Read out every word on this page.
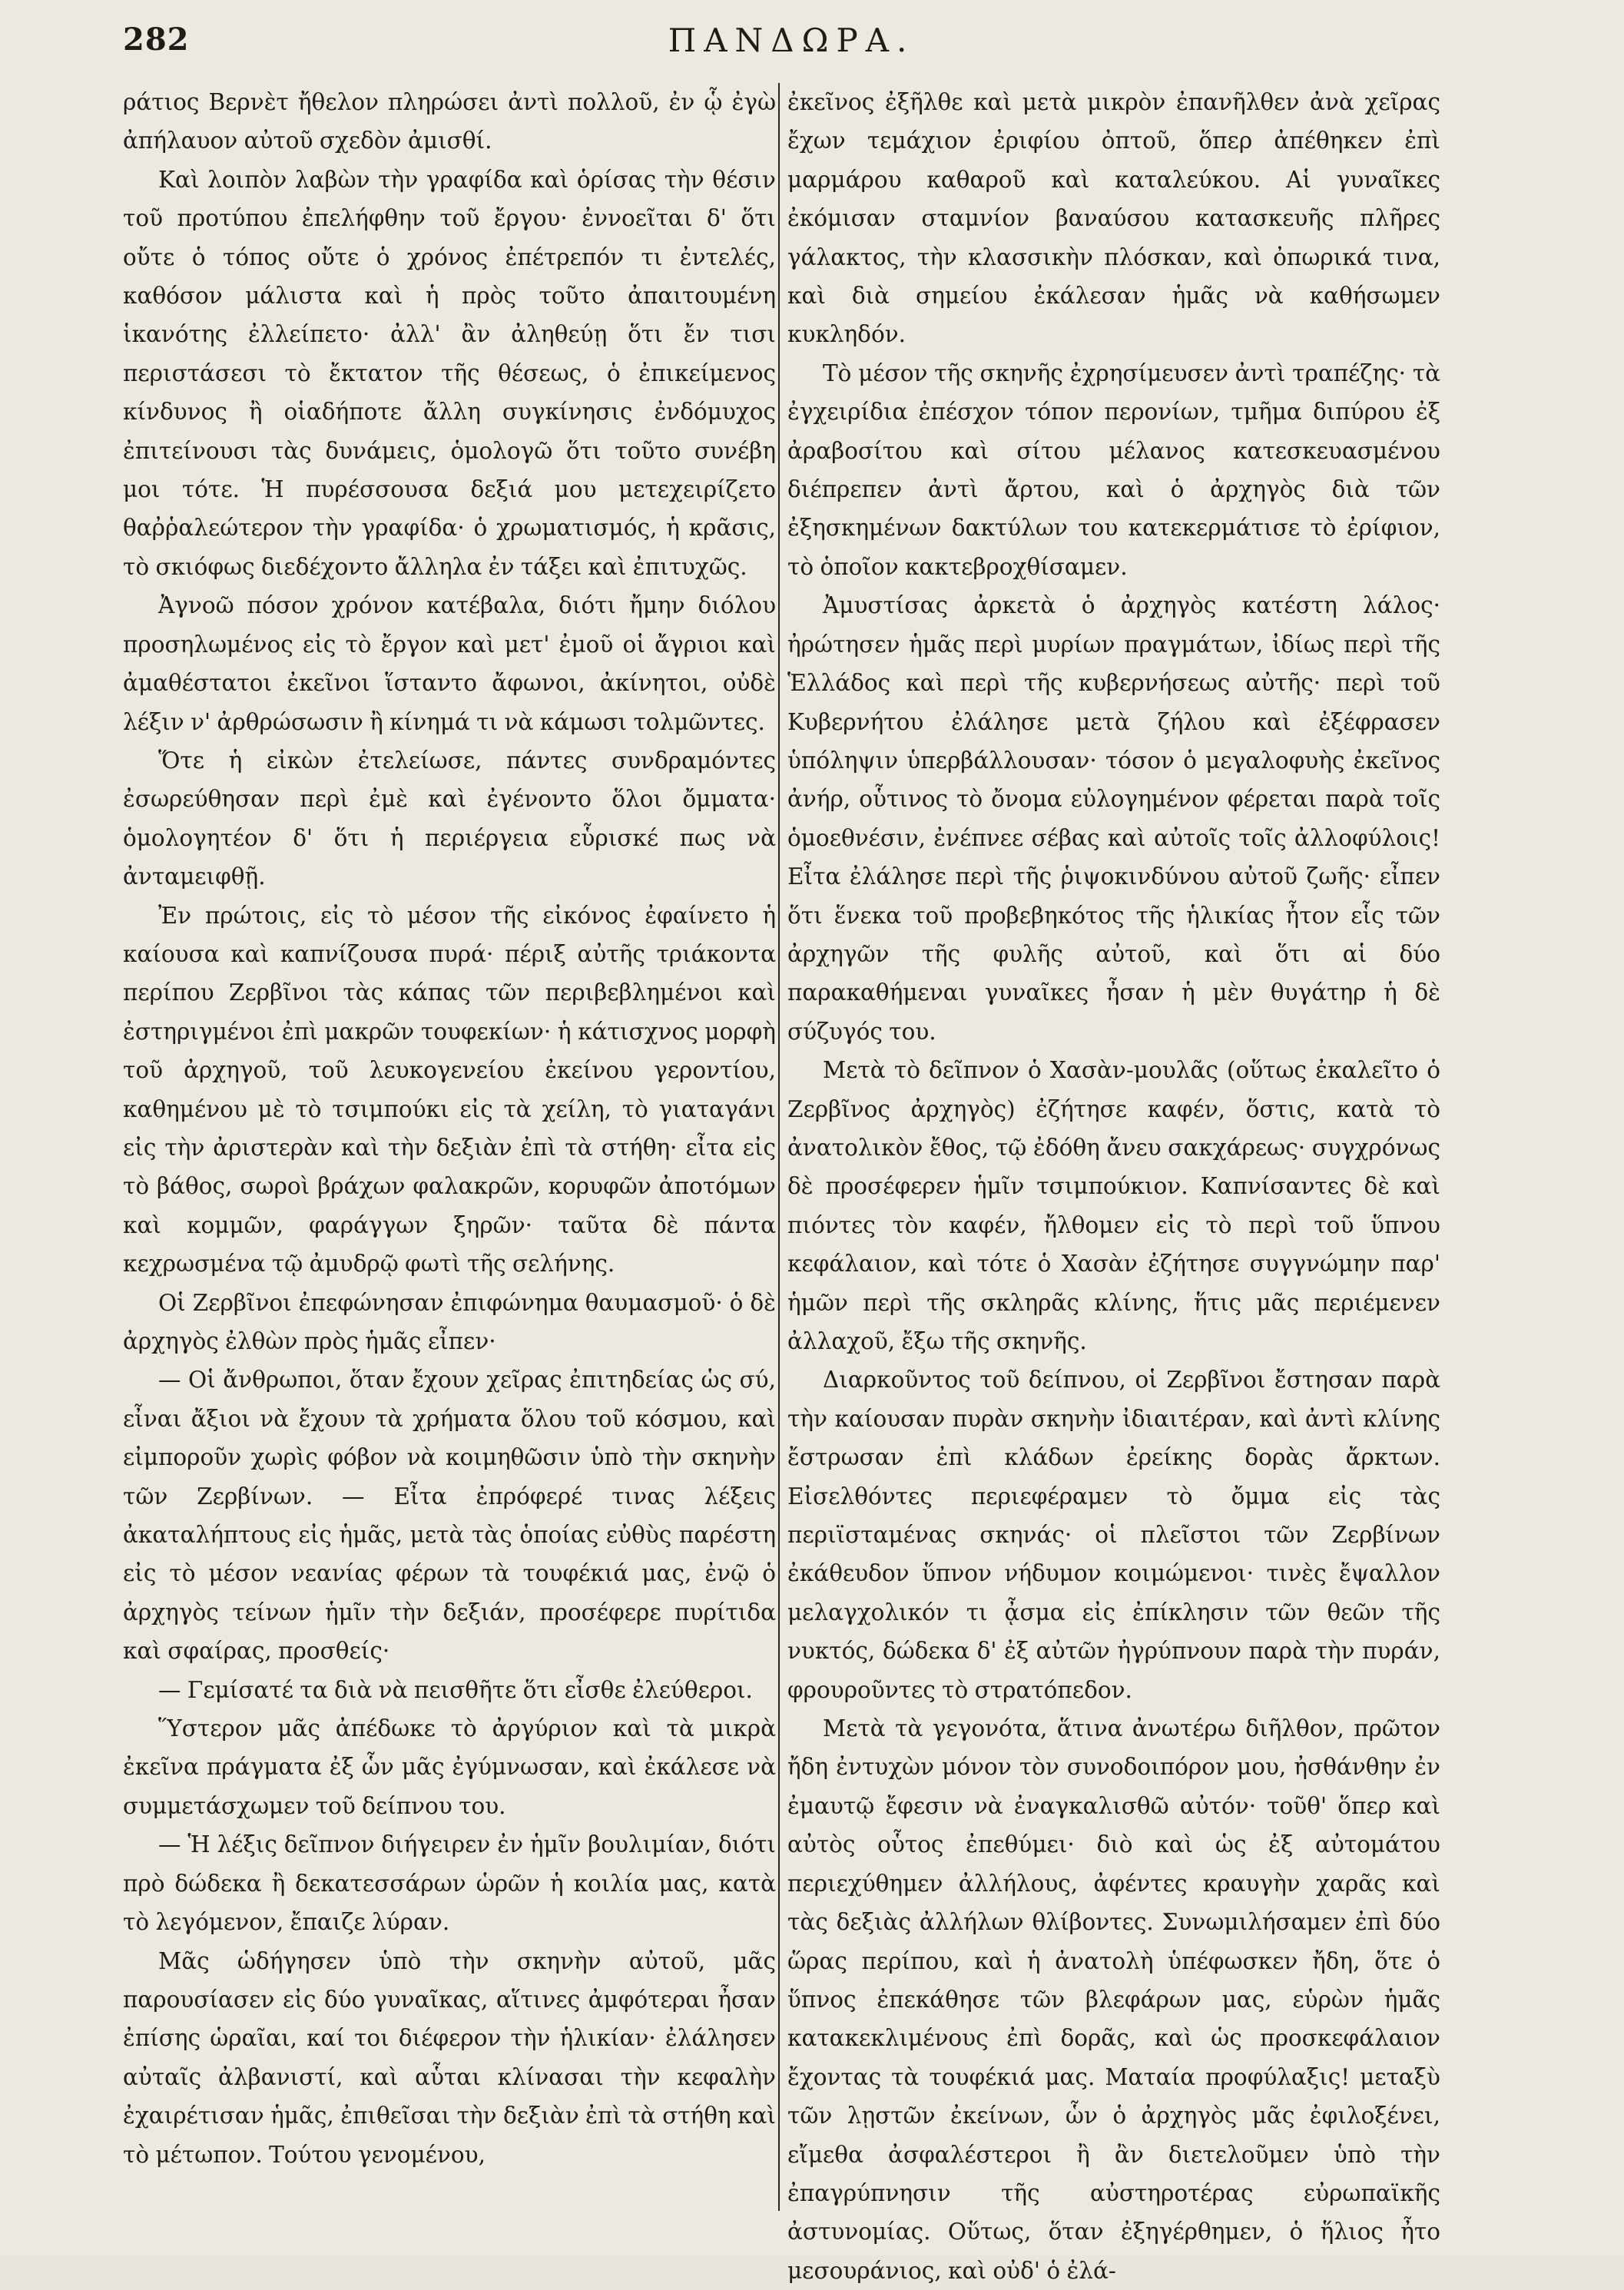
282	ΠΑΝΔΩΡΑ.

ράτιος Βερνὲτ ἤθελον πληρώσει ἀντὶ πολλοῦ, ἐν ᾧ ἐγὼ ἀπήλαυον αὐτοῦ σχεδὸν ἀμισθί.

Καὶ λοιπὸν λαβὼν τὴν γραφίδα καὶ ὁρίσας τὴν θέσιν τοῦ προτύπου ἐπελήφθην τοῦ ἔργου· ἐννοεῖται δ' ὅτι οὔτε ὁ τόπος οὔτε ὁ χρόνος ἐπέτρεπόν τι ἐντελές, καθόσον μάλιστα καὶ ἡ πρὸς τοῦτο ἀπαιτουμένη ἱκανότης ἐλλείπετο· ἀλλ' ἂν ἀληθεύῃ ὅτι ἔν τισι περιστάσεσι τὸ ἔκτατον τῆς θέσεως, ὁ ἐπικείμενος κίνδυνος ἢ οἱαδήποτε ἄλλη συγκίνησις ἐνδόμυχος ἐπιτείνουσι τὰς δυνάμεις, ὁμολογῶ ὅτι τοῦτο συνέβη μοι τότε. Ἡ πυρέσσουσα δεξιά μου μετεχειρίζετο θαῤῥαλεώτερον τὴν γραφίδα· ὁ χρωματισμός, ἡ κρᾶσις, τὸ σκιόφως διεδέχοντο ἄλληλα ἐν τάξει καὶ ἐπιτυχῶς.

Ἀγνοῶ πόσον χρόνον κατέβαλα, διότι ἤμην διόλου προσηλωμένος εἰς τὸ ἔργον καὶ μετ' ἐμοῦ οἱ ἄγριοι καὶ ἀμαθέστατοι ἐκεῖνοι ἵσταντο ἄφωνοι, ἀκίνητοι, οὐδὲ λέξιν ν' ἀρθρώσωσιν ἢ κίνημά τι νὰ κάμωσι τολμῶντες.

Ὅτε ἡ εἰκὼν ἐτελείωσε, πάντες συνδραμόντες ἐσωρεύθησαν περὶ ἐμὲ καὶ ἐγένοντο ὅλοι ὄμματα· ὁμολογητέον δ' ὅτι ἡ περιέργεια εὗρισκέ πως νὰ ἀνταμειφθῇ.

Ἐν πρώτοις, εἰς τὸ μέσον τῆς εἰκόνος ἐφαίνετο ἡ καίουσα καὶ καπνίζουσα πυρά· πέριξ αὐτῆς τριάκοντα περίπου Ζερβῖνοι τὰς κάπας τῶν περιβεβλημένοι καὶ ἐστηριγμένοι ἐπὶ μακρῶν τουφεκίων· ἡ κάτισχνος μορφὴ τοῦ ἀρχηγοῦ, τοῦ λευκογενείου ἐκείνου γεροντίου, καθημένου μὲ τὸ τσιμπούκι εἰς τὰ χείλη, τὸ γιαταγάνι εἰς τὴν ἀριστερὰν καὶ τὴν δεξιὰν ἐπὶ τὰ στήθη· εἶτα εἰς τὸ βάθος, σωροὶ βράχων φαλακρῶν, κορυφῶν ἀποτόμων καὶ κομμῶν, φαράγγων ξηρῶν· ταῦτα δὲ πάντα κεχρωσμένα τῷ ἀμυδρῷ φωτὶ τῆς σελήνης.

Οἱ Ζερβῖνοι ἐπεφώνησαν ἐπιφώνημα θαυμασμοῦ· ὁ δὲ ἀρχηγὸς ἐλθὼν πρὸς ἡμᾶς εἶπεν·

— Οἱ ἄνθρωποι, ὅταν ἔχουν χεῖρας ἐπιτηδείας ὡς σύ, εἶναι ἄξιοι νὰ ἔχουν τὰ χρήματα ὅλου τοῦ κόσμου, καὶ εἰμποροῦν χωρὶς φόβον νὰ κοιμηθῶσιν ὑπὸ τὴν σκηνὴν τῶν Ζερβίνων. — Εἶτα ἐπρόφερέ τινας λέξεις ἀκαταλήπτους εἰς ἡμᾶς, μετὰ τὰς ὁποίας εὐθὺς παρέστη εἰς τὸ μέσον νεανίας φέρων τὰ τουφέκιά μας, ἐνῷ ὁ ἀρχηγὸς τείνων ἡμῖν τὴν δεξιάν, προσέφερε πυρίτιδα καὶ σφαίρας, προσθείς·

— Γεμίσατέ τα διὰ νὰ πεισθῆτε ὅτι εἶσθε ἐλεύθεροι.

Ὕστερον μᾶς ἀπέδωκε τὸ ἀργύριον καὶ τὰ μικρὰ ἐκεῖνα πράγματα ἐξ ὧν μᾶς ἐγύμνωσαν, καὶ ἐκάλεσε νὰ συμμετάσχωμεν τοῦ δείπνου του.

— Ἡ λέξις δεῖπνον διήγειρεν ἐν ἡμῖν βουλιμίαν, διότι πρὸ δώδεκα ἢ δεκατεσσάρων ὡρῶν ἡ κοιλία μας, κατὰ τὸ λεγόμενον, ἔπαιζε λύραν.

Μᾶς ὡδήγησεν ὑπὸ τὴν σκηνὴν αὐτοῦ, μᾶς παρουσίασεν εἰς δύο γυναῖκας, αἵτινες ἀμφότεραι ἦσαν ἐπίσης ὡραῖαι, καί τοι διέφερον τὴν ἡλικίαν· ἐλάλησεν αὐταῖς ἀλβανιστί, καὶ αὗται κλίνασαι τὴν κεφαλὴν ἐχαιρέτισαν ἡμᾶς, ἐπιθεῖσαι τὴν δεξιὰν ἐπὶ τὰ στήθη καὶ τὸ μέτωπον. Τούτου γενομένου,

ἐκεῖνος ἐξῆλθε καὶ μετὰ μικρὸν ἐπανῆλθεν ἀνὰ χεῖρας ἔχων τεμάχιον ἐριφίου ὀπτοῦ, ὅπερ ἀπέθηκεν ἐπὶ μαρμάρου καθαροῦ καὶ καταλεύκου. Αἱ γυναῖκες ἐκόμισαν σταμνίον βαναύσου κατασκευῆς πλῆρες γάλακτος, τὴν κλασσικὴν πλόσκαν, καὶ ὀπωρικά τινα, καὶ διὰ σημείου ἐκάλεσαν ἡμᾶς νὰ καθήσωμεν κυκληδόν.

Τὸ μέσον τῆς σκηνῆς ἐχρησίμευσεν ἀντὶ τραπέζης· τὰ ἐγχειρίδια ἐπέσχον τόπον περονίων, τμῆμα διπύρου ἐξ ἀραβοσίτου καὶ σίτου μέλανος κατεσκευασμένου διέπρεπεν ἀντὶ ἄρτου, καὶ ὁ ἀρχηγὸς διὰ τῶν ἐξησκημένων δακτύλων του κατεκερμάτισε τὸ ἐρίφιον, τὸ ὁποῖον κακτεβροχθίσαμεν.

Ἀμυστίσας ἀρκετὰ ὁ ἀρχηγὸς κατέστη λάλος· ἠρώτησεν ἡμᾶς περὶ μυρίων πραγμάτων, ἰδίως περὶ τῆς Ἑλλάδος καὶ περὶ τῆς κυβερνήσεως αὐτῆς· περὶ τοῦ Κυβερνήτου ἐλάλησε μετὰ ζήλου καὶ ἐξέφρασεν ὑπόληψιν ὑπερβάλλουσαν· τόσον ὁ μεγαλοφυὴς ἐκεῖνος ἀνήρ, οὗτινος τὸ ὄνομα εὐλογημένον φέρεται παρὰ τοῖς ὁμοεθνέσιν, ἐνέπνεε σέβας καὶ αὐτοῖς τοῖς ἀλλοφύλοις! Εἶτα ἐλάλησε περὶ τῆς ῥιψοκινδύνου αὐτοῦ ζωῆς· εἶπεν ὅτι ἕνεκα τοῦ προβεβηκότος τῆς ἡλικίας ἦτον εἷς τῶν ἀρχηγῶν τῆς φυλῆς αὐτοῦ, καὶ ὅτι αἱ δύο παρακαθήμεναι γυναῖκες ἦσαν ἡ μὲν θυγάτηρ ἡ δὲ σύζυγός του.

Μετὰ τὸ δεῖπνον ὁ Χασὰν-μουλᾶς (οὕτως ἐκαλεῖτο ὁ Ζερβῖνος ἀρχηγὸς) ἐζήτησε καφέν, ὅστις, κατὰ τὸ ἀνατολικὸν ἔθος, τῷ ἐδόθη ἄνευ σακχάρεως· συγχρόνως δὲ προσέφερεν ἡμῖν τσιμπούκιον. Καπνίσαντες δὲ καὶ πιόντες τὸν καφέν, ἤλθομεν εἰς τὸ περὶ τοῦ ὕπνου κεφάλαιον, καὶ τότε ὁ Χασὰν ἐζήτησε συγγνώμην παρ' ἡμῶν περὶ τῆς σκληρᾶς κλίνης, ἥτις μᾶς περιέμενεν ἀλλαχοῦ, ἔξω τῆς σκηνῆς.

Διαρκοῦντος τοῦ δείπνου, οἱ Ζερβῖνοι ἔστησαν παρὰ τὴν καίουσαν πυρὰν σκηνὴν ἰδιαιτέραν, καὶ ἀντὶ κλίνης ἔστρωσαν ἐπὶ κλάδων ἐρείκης δορὰς ἄρκτων. Εἰσελθόντες περιεφέραμεν τὸ ὄμμα εἰς τὰς περιϊσταμένας σκηνάς· οἱ πλεῖστοι τῶν Ζερβίνων ἐκάθευδον ὕπνον νήδυμον κοιμώμενοι· τινὲς ἔψαλλον μελαγχολικόν τι ᾆσμα εἰς ἐπίκλησιν τῶν θεῶν τῆς νυκτός, δώδεκα δ' ἐξ αὐτῶν ἠγρύπνουν παρὰ τὴν πυράν, φρουροῦντες τὸ στρατόπεδον.

Μετὰ τὰ γεγονότα, ἅτινα ἀνωτέρω διῆλθον, πρῶτον ἤδη ἐντυχὼν μόνον τὸν συνοδοιπόρον μου, ἠσθάνθην ἐν ἐμαυτῷ ἔφεσιν νὰ ἐναγκαλισθῶ αὐτόν· τοῦθ' ὅπερ καὶ αὐτὸς οὗτος ἐπεθύμει· διὸ καὶ ὡς ἐξ αὐτομάτου περιεχύθημεν ἀλλήλους, ἀφέντες κραυγὴν χαρᾶς καὶ τὰς δεξιὰς ἀλλήλων θλίβοντες. Συνωμιλήσαμεν ἐπὶ δύο ὥρας περίπου, καὶ ἡ ἀνατολὴ ὑπέφωσκεν ἤδη, ὅτε ὁ ὕπνος ἐπεκάθησε τῶν βλεφάρων μας, εὑρὼν ἡμᾶς κατακεκλιμένους ἐπὶ δορᾶς, καὶ ὡς προσκεφάλαιον ἔχοντας τὰ τουφέκιά μας. Ματαία προφύλαξις! μεταξὺ τῶν λῃστῶν ἐκείνων, ὧν ὁ ἀρχηγὸς μᾶς ἐφιλοξένει, εἴμεθα ἀσφαλέστεροι ἢ ἂν διετελοῦμεν ὑπὸ τὴν ἐπαγρύπνησιν τῆς αὐστηροτέρας εὐρωπαϊκῆς ἀστυνομίας. Οὕτως, ὅταν ἐξηγέρθημεν, ὁ ἥλιος ἦτο μεσουράνιος, καὶ οὐδ' ὁ ἐλά-
